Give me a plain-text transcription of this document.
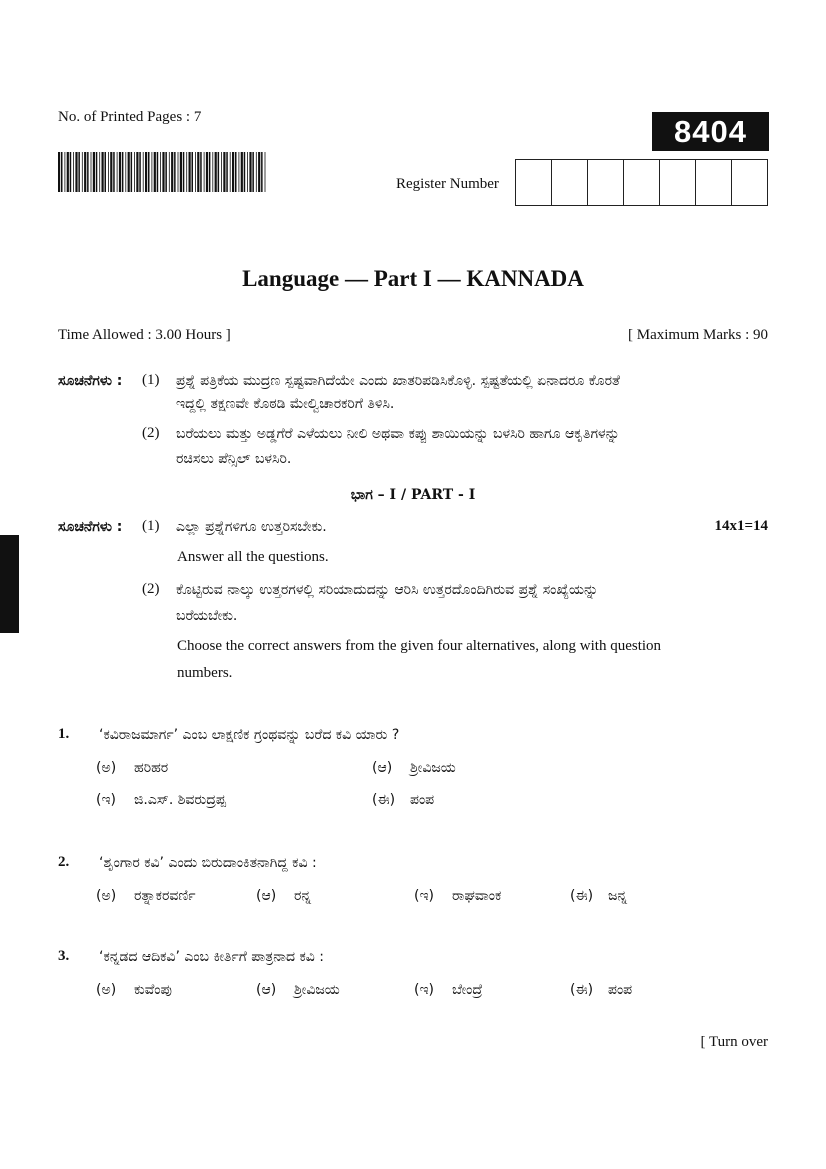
No. of Printed Pages : 7	8404
Register Number
Language — Part I — KANNADA
Time Allowed : 3.00 Hours ]	[ Maximum Marks : 90
ಸೂಚನೆಗಳು : (1) ಪ್ರಶ್ನೆ ಪತ್ರಿಕೆಯ ಮುದ್ರಣ ಸ್ಪಷ್ಟವಾಗಿದೆಯೇ ಎಂದು ಖಾತರಿಪಡಿಸಿಕೊಳ್ಳಿ. ಸ್ಪಷ್ಟತೆಯಲ್ಲಿ ಏನಾದರೂ ಕೊರತೆ
ಇದ್ದಲ್ಲಿ ತಕ್ಷಣವೇ ಕೊಠಡಿ ಮೇಲ್ವಿಚಾರಕರಿಗೆ ತಿಳಿಸಿ.
(2) ಬರೆಯಲು ಮತ್ತು ಅಡ್ಡಗೆರೆ ಎಳೆಯಲು ನೀಲಿ ಅಥವಾ ಕಪ್ಪು ಶಾಯಿಯನ್ನು ಬಳಸಿರಿ ಹಾಗೂ ಆಕೃತಿಗಳನ್ನು
ರಚಿಸಲು ಪೆನ್ಸಿಲ್ ಬಳಸಿರಿ.
ಭಾಗ – I / PART - I
ಸೂಚನೆಗಳು :	14x1=14
(1) ಎಲ್ಲಾ ಪ್ರಶ್ನೆಗಳಿಗೂ ಉತ್ತರಿಸಬೇಕು.
Answer all the questions.
(2) ಕೊಟ್ಟಿರುವ ನಾಲ್ಕು ಉತ್ತರಗಳಲ್ಲಿ ಸರಿಯಾದುದನ್ನು ಆರಿಸಿ ಉತ್ತರದೊಂದಿಗಿರುವ ಪ್ರಶ್ನೆ ಸಂಖ್ಯೆಯನ್ನು
ಬರೆಯಬೇಕು.
Choose the correct answers from the given four alternatives, along with question
numbers.
1. ‘ಕವಿರಾಜಮಾರ್ಗ’ ಎಂಬ ಲಾಕ್ಷಣಿಕ ಗ್ರಂಥವನ್ನು ಬರೆದ ಕವಿ ಯಾರು ?
(ಅ) ಹರಿಹರ	(ಆ) ಶ್ರೀವಿಜಯ
(ಇ) ಜಿ.ಎಸ್. ಶಿವರುದ್ರಪ್ಪ	(ಈ) ಪಂಪ
2. ‘ಶೃಂಗಾರ ಕವಿ’ ಎಂದು ಬಿರುದಾಂಕಿತನಾಗಿದ್ದ ಕವಿ :
(ಅ) ರತ್ನಾಕರವರ್ಣಿ	(ಆ) ರನ್ನ	(ಇ) ರಾಘವಾಂಕ	(ಈ) ಜನ್ನ
3. ‘ಕನ್ನಡದ ಆದಿಕವಿ’ ಎಂಬ ಕೀರ್ತಿಗೆ ಪಾತ್ರನಾದ ಕವಿ :
(ಅ) ಕುವೆಂಪು	(ಆ) ಶ್ರೀವಿಜಯ	(ಇ) ಬೇಂದ್ರೆ	(ಈ) ಪಂಪ
[ Turn over
